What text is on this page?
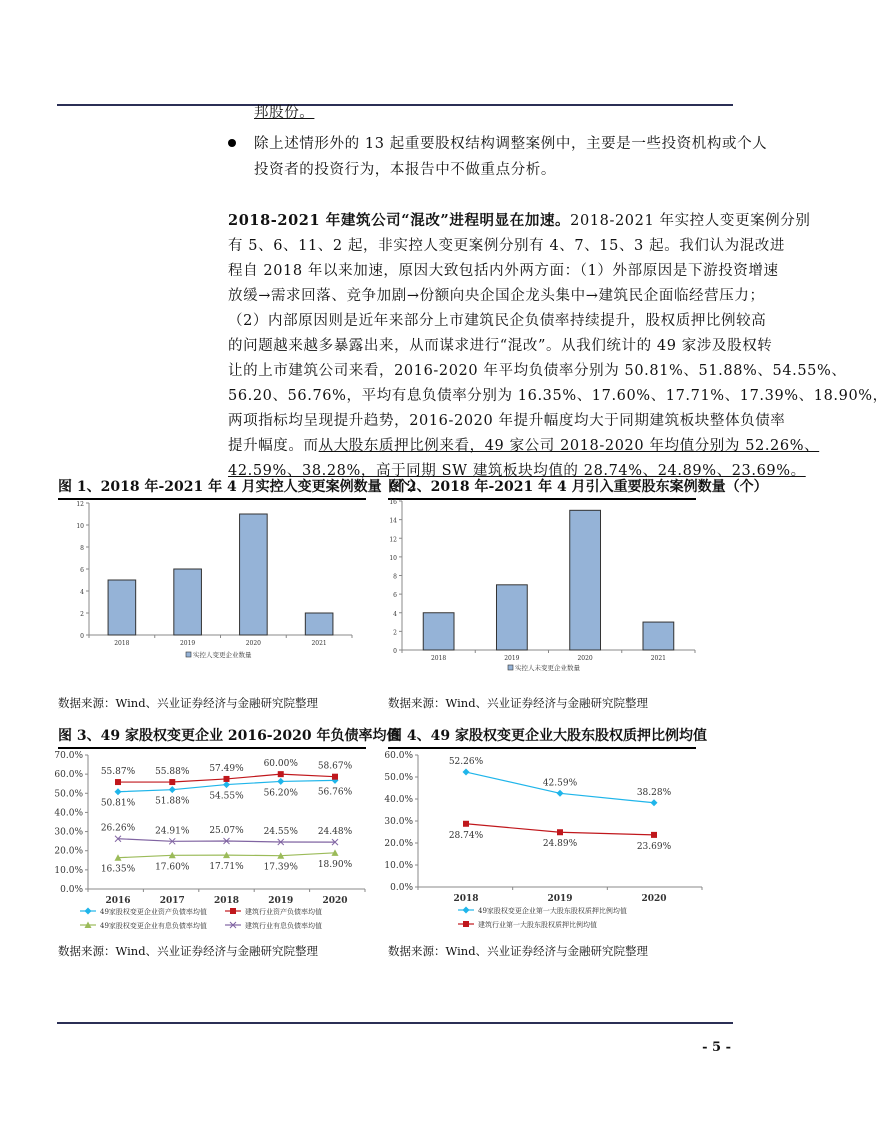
邦股份。
除上述情形外的 13 起重要股权结构调整案例中，主要是一些投资机构或个人
投资者的投资行为，本报告中不做重点分析。
2018-2021 年建筑公司“混改”进程明显在加速。2018-2021 年实控人变更案例分别
有 5、6、11、2 起，非实控人变更案例分别有 4、7、15、3 起。我们认为混改进
程自 2018 年以来加速，原因大致包括内外两方面：（1）外部原因是下游投资增速
放缓→需求回落、竞争加剧→份额向央企国企龙头集中→建筑民企面临经营压力；
（2）内部原因则是近年来部分上市建筑民企负债率持续提升，股权质押比例较高
的问题越来越多暴露出来，从而谋求进行“混改”。从我们统计的 49 家涉及股权转
让的上市建筑公司来看，2016-2020 年平均负债率分别为 50.81%、51.88%、54.55%、
56.20、56.76%，平均有息负债率分别为 16.35%、17.60%、17.71%、17.39%、18.90%，
两项指标均呈现提升趋势，2016-2020 年提升幅度均大于同期建筑板块整体负债率
提升幅度。而从大股东质押比例来看，49 家公司 2018-2020 年均值分别为 52.26%、
42.59%、38.28%，高于同期 SW 建筑板块均值的 28.74%、24.89%、23.69%。
图 1、2018 年-2021 年 4 月实控人变更案例数量（个）
图 2、2018 年-2021 年 4 月引入重要股东案例数量（个）
数据来源：Wind、兴业证券经济与金融研究院整理	数据来源：Wind、兴业证券经济与金融研究院整理
图 3、49 家股权变更企业 2016-2020 年负债率均值
图 4、49 家股权变更企业大股东股权质押比例均值
数据来源：Wind、兴业证券经济与金融研究院整理	数据来源：Wind、兴业证券经济与金融研究院整理
0
2
4
6
8
10
12
2018	2019	2020	2021
实控人变更企业数量	0
2
4
6
8
10
12
14
16
2018	2019	2020	2021
实控人未变更企业数量
0.0%
10.0%
20.0%
30.0%
40.0%
50.0%
60.0%
70.0%
2016	2017	2018	2019	2020
50.81% 51.88%
54.55% 56.20% 56.76%
49家股权变更企业资产负债率均值
55.87% 55.88% 57.49% 60.00% 58.67%
建筑行业资产负债率均值
16.35% 17.60% 17.71% 17.39% 18.90%
49家股权变更企业有息负债率均值
26.26% 24.91% 25.07% 24.55% 24.48%
建筑行业有息负债率均值
0.0%
10.0%
20.0%
30.0%
40.0%
50.0%
60.0%
2018	2019	2020
52.26%
42.59%
38.28%
49家股权变更企业第一大股东股权质押比例均值
28.74%
24.89%	23.69%
建筑行业第一大股东股权质押比例均值
- 5 -
